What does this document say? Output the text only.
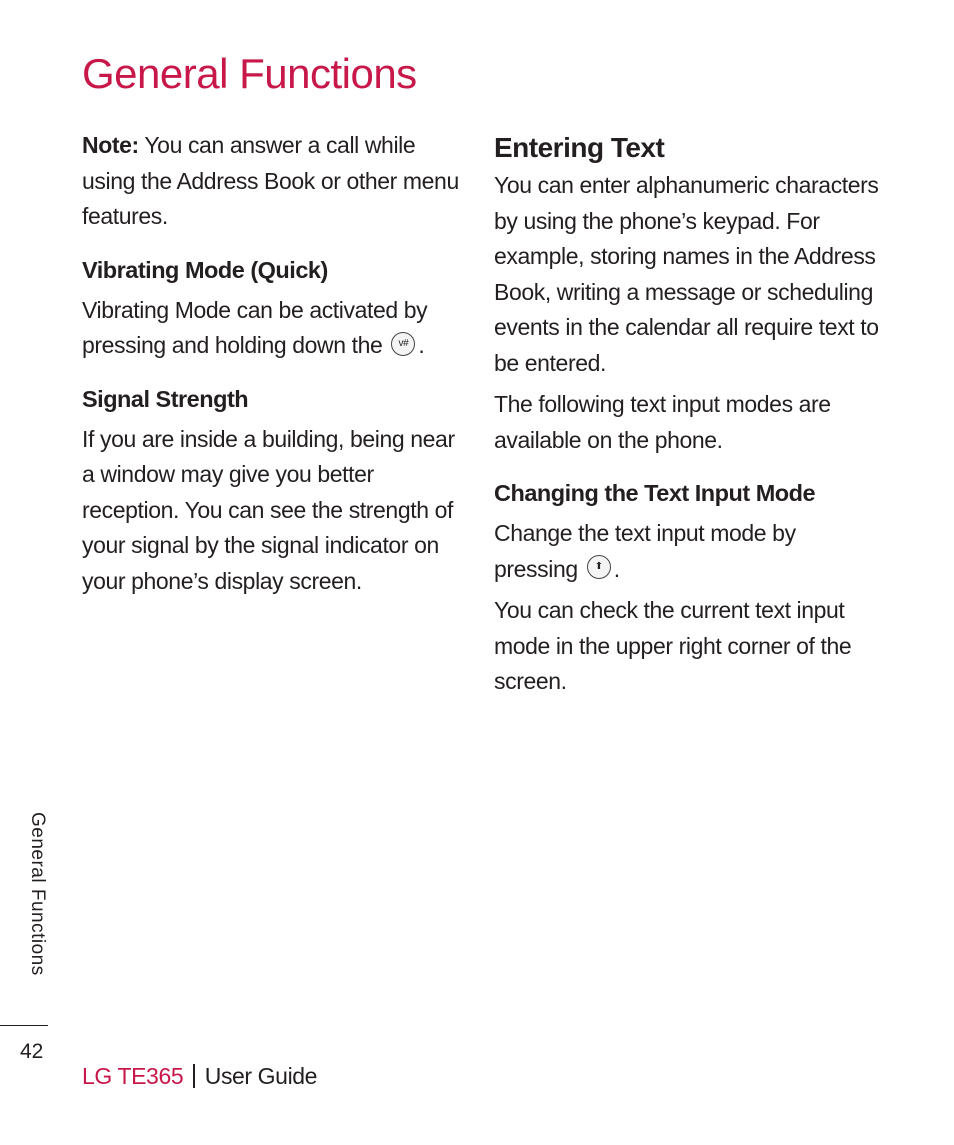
General Functions

Note: You can answer a call while using the Address Book or other menu features.

Vibrating Mode (Quick)

Vibrating Mode can be activated by pressing and holding down the v# .

Signal Strength

If you are inside a building, being near a window may give you better reception. You can see the strength of your signal by the signal indicator on your phone’s display screen.

Entering Text

You can enter alphanumeric characters by using the phone’s keypad. For example, storing names in the Address Book, writing a message or scheduling events in the calendar all require text to be entered.

The following text input modes are available on the phone.

Changing the Text Input Mode

Change the text input mode by pressing ⬆ .

You can check the current text input mode in the upper right corner of the screen.

General Functions
42
LG TE365 User Guide
